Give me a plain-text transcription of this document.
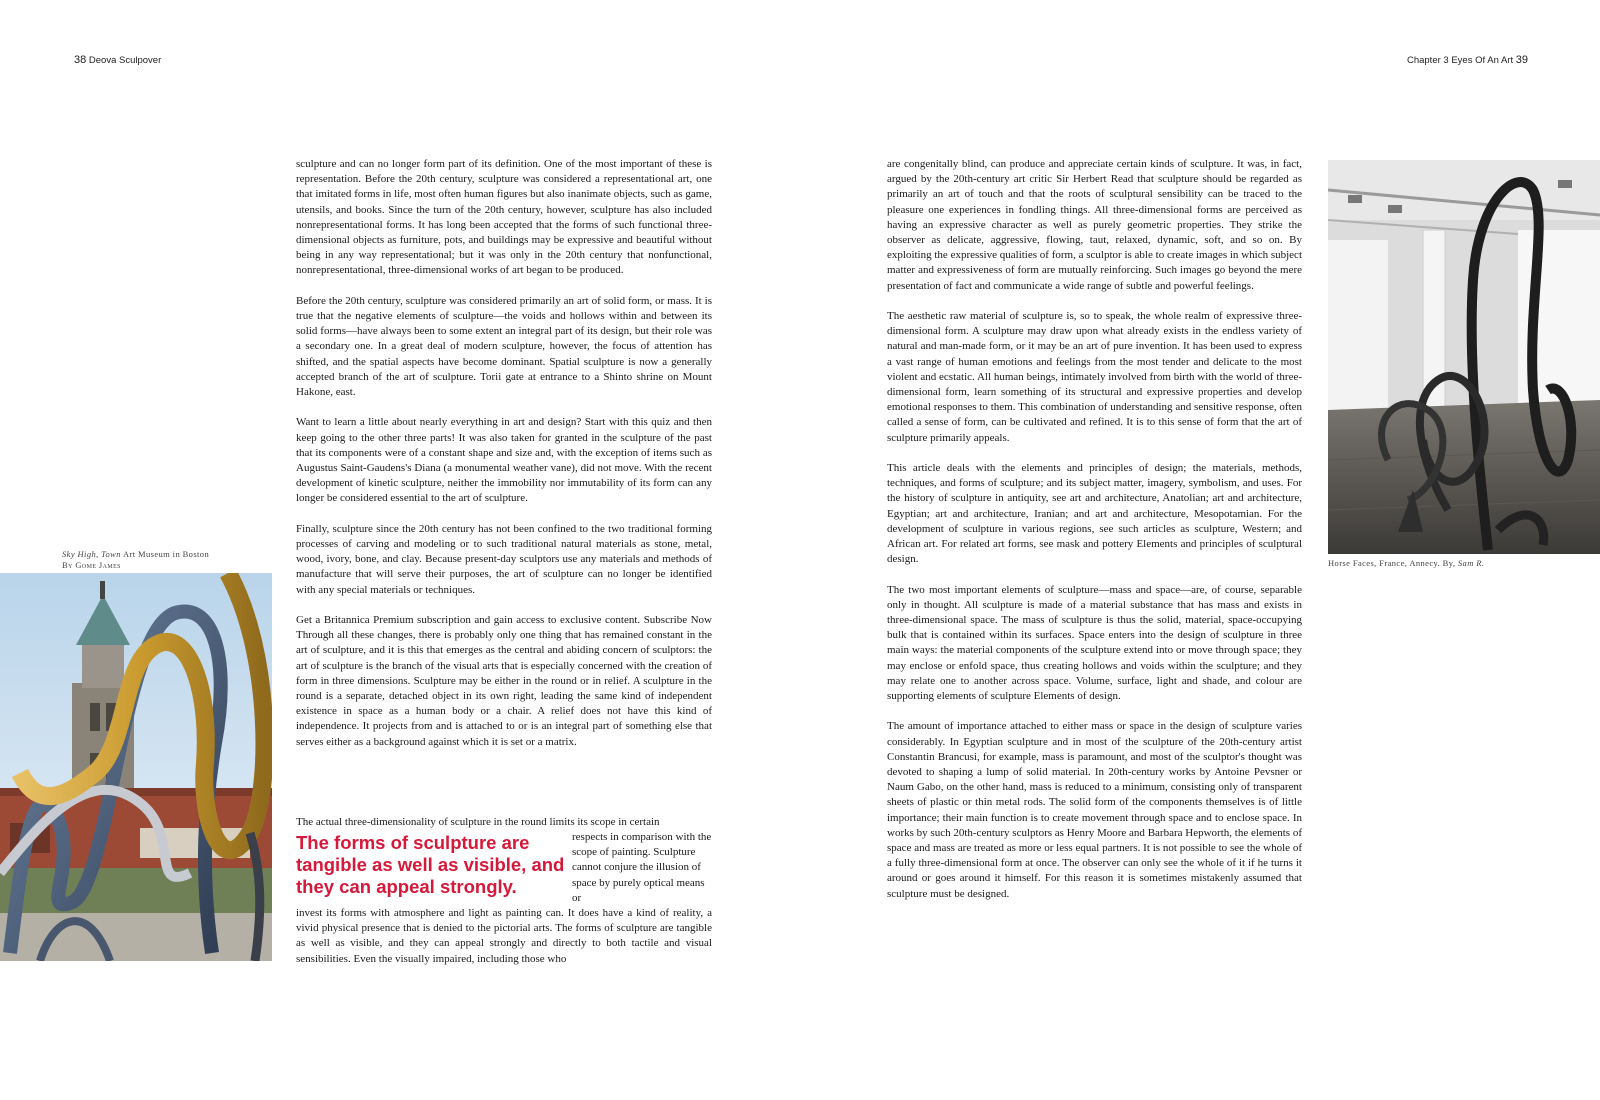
38 Deova Sculpover	Chapter 3 Eyes Of An Art 39
Sky High, Town Art Museum in Boston
By Gome James

sculpture and can no longer form part of its definition. One of the most important of these is representation. Before the 20th century, sculpture was considered a representational art, one that imitated forms in life, most often human figures but also inanimate objects, such as game, utensils, and books. Since the turn of the 20th century, however, sculpture has also included nonrepresentational forms. It has long been accepted that the forms of such functional three-dimensional objects as furniture, pots, and buildings may be expressive and beautiful without being in any way representational; but it was only in the 20th century that nonfunctional, nonrepresentational, three-dimensional works of art began to be produced.

Before the 20th century, sculpture was considered primarily an art of solid form, or mass. It is true that the negative elements of sculpture—the voids and hollows within and between its solid forms—have always been to some extent an integral part of its design, but their role was a secondary one. In a great deal of modern sculpture, however, the focus of attention has shifted, and the spatial aspects have become dominant. Spatial sculpture is now a generally accepted branch of the art of sculpture. Torii gate at entrance to a Shinto shrine on Mount Hakone, east.

Want to learn a little about nearly everything in art and design? Start with this quiz and then keep going to the other three parts! It was also taken for granted in the sculpture of the past that its components were of a constant shape and size and, with the exception of items such as Augustus Saint-Gaudens's Diana (a monumental weather vane), did not move. With the recent development of kinetic sculpture, neither the immobility nor immutability of its form can any longer be considered essential to the art of sculpture.

Finally, sculpture since the 20th century has not been confined to the two traditional forming processes of carving and modeling or to such traditional natural materials as stone, metal, wood, ivory, bone, and clay. Because present-day sculptors use any materials and methods of manufacture that will serve their purposes, the art of sculpture can no longer be identified with any special materials or techniques.

Get a Britannica Premium subscription and gain access to exclusive content. Subscribe Now Through all these changes, there is probably only one thing that has remained constant in the art of sculpture, and it is this that emerges as the central and abiding concern of sculptors: the art of sculpture is the branch of the visual arts that is especially concerned with the creation of form in three dimensions. Sculpture may be either in the round or in relief. A sculpture in the round is a separate, detached object in its own right, leading the same kind of independent existence in space as a human body or a chair. A relief does not have this kind of independence. It projects from and is attached to or is an integral part of something else that serves either as a background against which it is set or a matrix.

The actual three-dimensionality of sculpture in the round limits its scope in certain
The forms of sculpture are tangible as well as visible, and they can appeal strongly.
respects in comparison with the scope of painting. Sculpture cannot conjure the illusion of space by purely optical means or
invest its forms with atmosphere and light as painting can. It does have a kind of reality, a vivid physical presence that is denied to the pictorial arts. The forms of sculpture are tangible as well as visible, and they can appeal strongly and directly to both tactile and visual sensibilities. Even the visually impaired, including those who

are congenitally blind, can produce and appreciate certain kinds of sculpture. It was, in fact, argued by the 20th-century art critic Sir Herbert Read that sculpture should be regarded as primarily an art of touch and that the roots of sculptural sensibility can be traced to the pleasure one experiences in fondling things. All three-dimensional forms are perceived as having an expressive character as well as purely geometric properties. They strike the observer as delicate, aggressive, flowing, taut, relaxed, dynamic, soft, and so on. By exploiting the expressive qualities of form, a sculptor is able to create images in which subject matter and expressiveness of form are mutually reinforcing. Such images go beyond the mere presentation of fact and communicate a wide range of subtle and powerful feelings.

The aesthetic raw material of sculpture is, so to speak, the whole realm of expressive three-dimensional form. A sculpture may draw upon what already exists in the endless variety of natural and man-made form, or it may be an art of pure invention. It has been used to express a vast range of human emotions and feelings from the most tender and delicate to the most violent and ecstatic. All human beings, intimately involved from birth with the world of three-dimensional form, learn something of its structural and expressive properties and develop emotional responses to them. This combination of understanding and sensitive response, often called a sense of form, can be cultivated and refined. It is to this sense of form that the art of sculpture primarily appeals.

This article deals with the elements and principles of design; the materials, methods, techniques, and forms of sculpture; and its subject matter, imagery, symbolism, and uses. For the history of sculpture in antiquity, see art and architecture, Anatolian; art and architecture, Egyptian; art and architecture, Iranian; and art and architecture, Mesopotamian. For the development of sculpture in various regions, see such articles as sculpture, Western; and African art. For related art forms, see mask and pottery Elements and principles of sculptural design.

The two most important elements of sculpture—mass and space—are, of course, separable only in thought. All sculpture is made of a material substance that has mass and exists in three-dimensional space. The mass of sculpture is thus the solid, material, space-occupying bulk that is contained within its surfaces. Space enters into the design of sculpture in three main ways: the material components of the sculpture extend into or move through space; they may enclose or enfold space, thus creating hollows and voids within the sculpture; and they may relate one to another across space. Volume, surface, light and shade, and colour are supporting elements of sculpture Elements of design.

The amount of importance attached to either mass or space in the design of sculpture varies considerably. In Egyptian sculpture and in most of the sculpture of the 20th-century artist Constantin Brancusi, for example, mass is paramount, and most of the sculptor's thought was devoted to shaping a lump of solid material. In 20th-century works by Antoine Pevsner or Naum Gabo, on the other hand, mass is reduced to a minimum, consisting only of transparent sheets of plastic or thin metal rods. The solid form of the components themselves is of little importance; their main function is to create movement through space and to enclose space. In works by such 20th-century sculptors as Henry Moore and Barbara Hepworth, the elements of space and mass are treated as more or less equal partners. It is not possible to see the whole of a fully three-dimensional form at once. The observer can only see the whole of it if he turns it around or goes around it himself. For this reason it is sometimes mistakenly assumed that sculpture must be designed.

Horse Faces, France, Annecy. By, Sam R.
